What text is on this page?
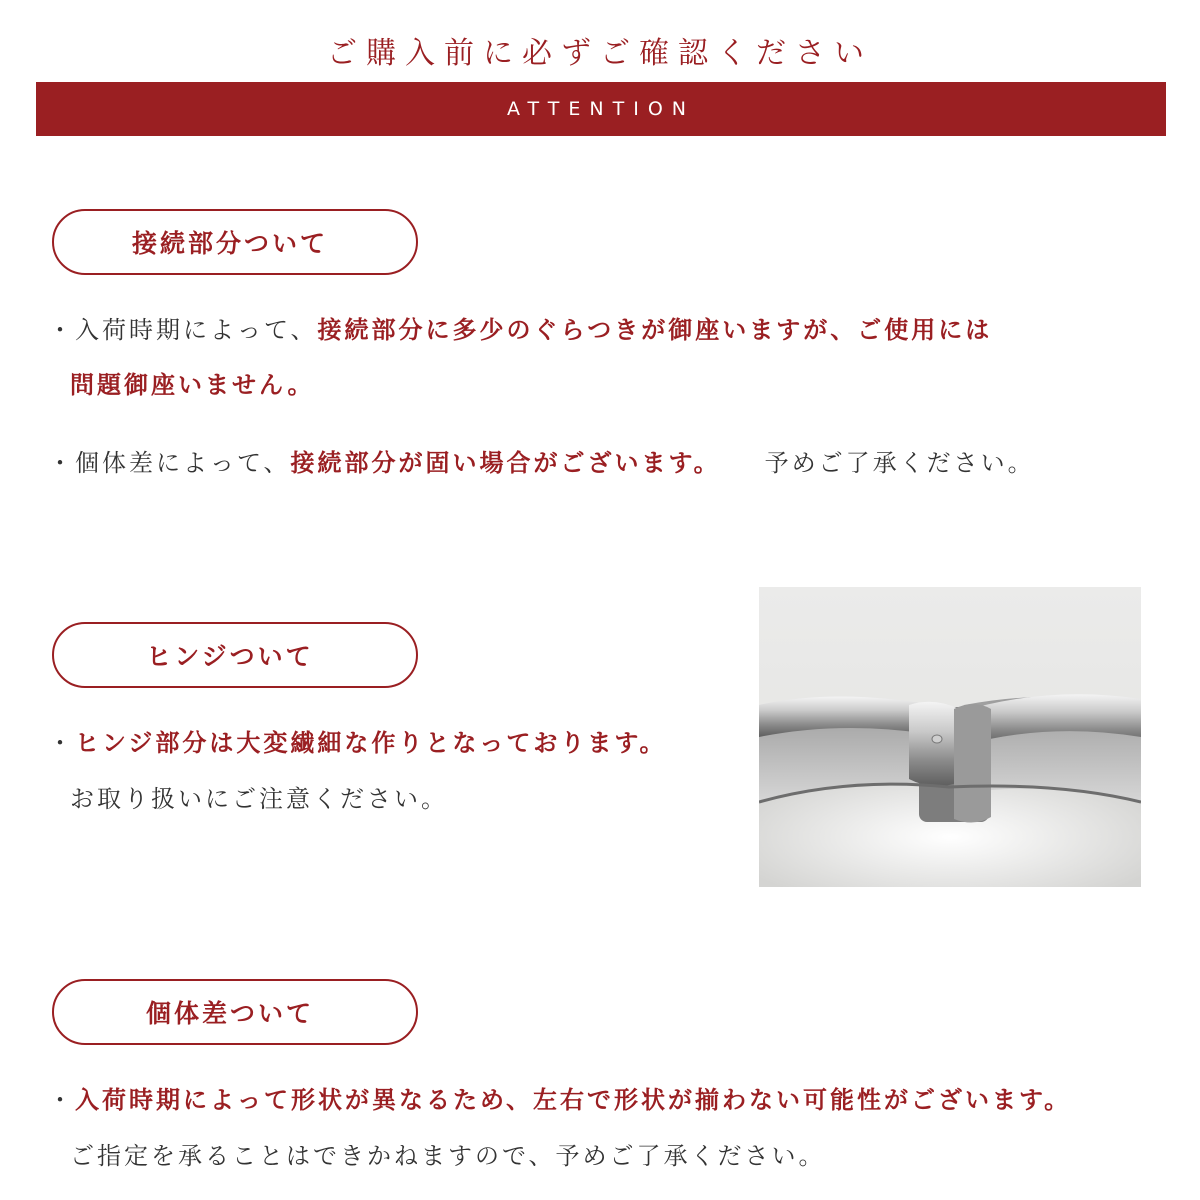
ご購入前に必ずご確認ください
ATTENTION
接続部分ついて
・入荷時期によって、接続部分に多少のぐらつきが御座いますが、ご使用には
問題御座いません。
・個体差によって、接続部分が固い場合がございます。 予めご了承ください。
ヒンジついて
・ヒンジ部分は大変繊細な作りとなっております。
お取り扱いにご注意ください。
個体差ついて
・入荷時期によって形状が異なるため、左右で形状が揃わない可能性がございます。
ご指定を承ることはできかねますので、予めご了承ください。
